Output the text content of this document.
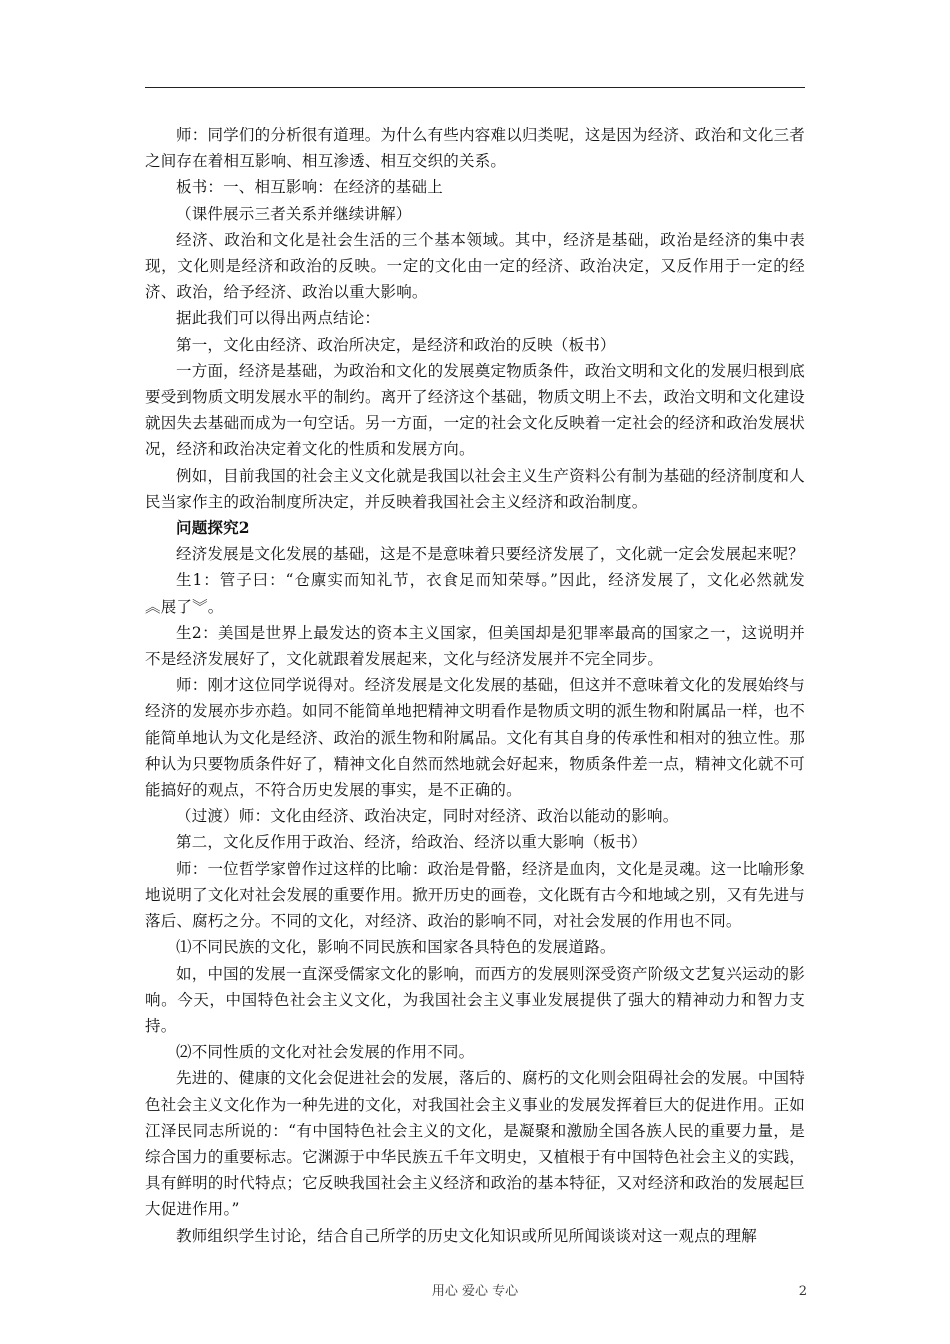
师：同学们的分析很有道理。为什么有些内容难以归类呢，这是因为经济、政治和文化三者之间存在着相互影响、相互渗透、相互交织的关系。

板书：一、相互影响：在经济的基础上

（课件展示三者关系并继续讲解）

经济、政治和文化是社会生活的三个基本领域。其中，经济是基础，政治是经济的集中表现，文化则是经济和政治的反映。一定的文化由一定的经济、政治决定，又反作用于一定的经济、政治，给予经济、政治以重大影响。

据此我们可以得出两点结论：

第一，文化由经济、政治所决定，是经济和政治的反映（板书）

一方面，经济是基础，为政治和文化的发展奠定物质条件，政治文明和文化的发展归根到底要受到物质文明发展水平的制约。离开了经济这个基础，物质文明上不去，政治文明和文化建设就因失去基础而成为一句空话。另一方面，一定的社会文化反映着一定社会的经济和政治发展状况，经济和政治决定着文化的性质和发展方向。

例如，目前我国的社会主义文化就是我国以社会主义生产资料公有制为基础的经济制度和人民当家作主的政治制度所决定，并反映着我国社会主义经济和政治制度。

问题探究2

经济发展是文化发展的基础，这是不是意味着只要经济发展了，文化就一定会发展起来呢？

生1：管子曰：“仓廪实而知礼节，衣食足而知荣辱。”因此，经济发展了，文化必然就发︽展了︾。

生2：美国是世界上最发达的资本主义国家，但美国却是犯罪率最高的国家之一，这说明并不是经济发展好了，文化就跟着发展起来，文化与经济发展并不完全同步。

师：刚才这位同学说得对。经济发展是文化发展的基础，但这并不意味着文化的发展始终与经济的发展亦步亦趋。如同不能简单地把精神文明看作是物质文明的派生物和附属品一样，也不能简单地认为文化是经济、政治的派生物和附属品。文化有其自身的传承性和相对的独立性。那种认为只要物质条件好了，精神文化自然而然地就会好起来，物质条件差一点，精神文化就不可能搞好的观点，不符合历史发展的事实，是不正确的。

（过渡）师：文化由经济、政治决定，同时对经济、政治以能动的影响。

第二，文化反作用于政治、经济，给政治、经济以重大影响（板书）

师：一位哲学家曾作过这样的比喻：政治是骨骼，经济是血肉，文化是灵魂。这一比喻形象地说明了文化对社会发展的重要作用。掀开历史的画卷，文化既有古今和地域之别，又有先进与落后、腐朽之分。不同的文化，对经济、政治的影响不同，对社会发展的作用也不同。

⑴不同民族的文化，影响不同民族和国家各具特色的发展道路。

如，中国的发展一直深受儒家文化的影响，而西方的发展则深受资产阶级文艺复兴运动的影响。今天，中国特色社会主义文化，为我国社会主义事业发展提供了强大的精神动力和智力支持。

⑵不同性质的文化对社会发展的作用不同。

先进的、健康的文化会促进社会的发展，落后的、腐朽的文化则会阻碍社会的发展。中国特色社会主义文化作为一种先进的文化，对我国社会主义事业的发展发挥着巨大的促进作用。正如江泽民同志所说的：“有中国特色社会主义的文化，是凝聚和激励全国各族人民的重要力量，是综合国力的重要标志。它渊源于中华民族五千年文明史，又植根于有中国特色社会主义的实践，具有鲜明的时代特点；它反映我国社会主义经济和政治的基本特征，又对经济和政治的发展起巨大促进作用。”

教师组织学生讨论，结合自己所学的历史文化知识或所见所闻谈谈对这一观点的理解

用心 爱心 专心	2
